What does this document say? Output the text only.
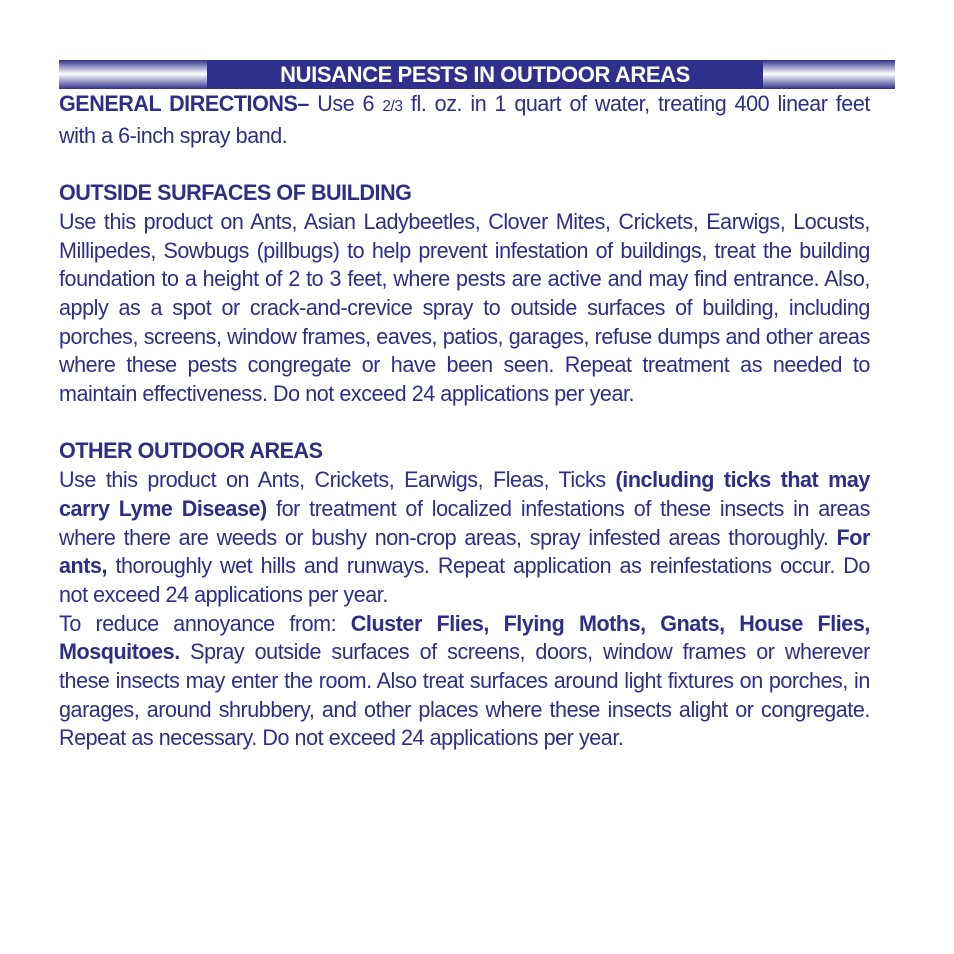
NUISANCE PESTS IN OUTDOOR AREAS

GENERAL DIRECTIONS– Use 6 2/3 fl. oz. in 1 quart of water, treating 400 linear feet with a 6-inch spray band.

OUTSIDE SURFACES OF BUILDING

Use this product on Ants, Asian Ladybeetles, Clover Mites, Crickets, Earwigs, Locusts, Millipedes, Sowbugs (pillbugs) to help prevent infestation of buildings, treat the building foundation to a height of 2 to 3 feet, where pests are active and may find entrance. Also, apply as a spot or crack-and-crevice spray to outside surfaces of building, including porches, screens, window frames, eaves, patios, garages, refuse dumps and other areas where these pests congregate or have been seen. Repeat treatment as needed to maintain effectiveness. Do not exceed 24 applications per year.

OTHER OUTDOOR AREAS

Use this product on Ants, Crickets, Earwigs, Fleas, Ticks (including ticks that may carry Lyme Disease) for treatment of localized infestations of these insects in areas where there are weeds or bushy non-crop areas, spray infested areas thoroughly. For ants, thoroughly wet hills and runways. Repeat application as reinfestations occur. Do not exceed 24 applications per year.

To reduce annoyance from: Cluster Flies, Flying Moths, Gnats, House Flies, Mosquitoes. Spray outside surfaces of screens, doors, window frames or wherever these insects may enter the room. Also treat surfaces around light fixtures on porches, in garages, around shrubbery, and other places where these insects alight or congregate. Repeat as necessary. Do not exceed 24 applications per year.
